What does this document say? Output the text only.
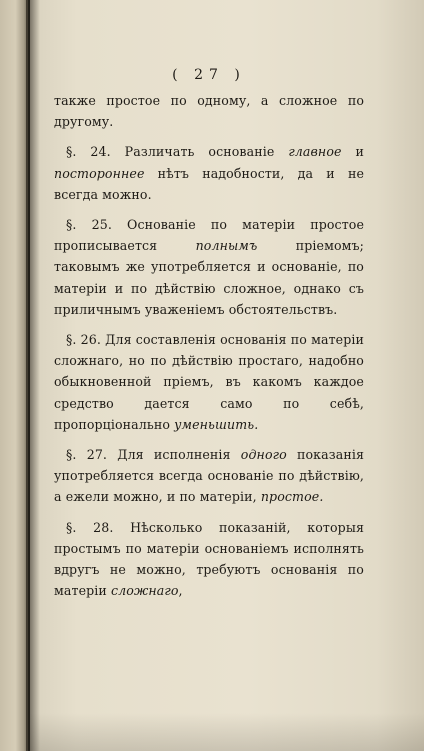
( 27 )

также простое по одному, а сложное по другому.

§. 24. Различать основаніе главное и постороннее нѣтъ надобности, да и не всегда можно.

§. 25. Основаніе по матеріи простое прописывается полнымъ пріемомъ; таковымъ же употребляется и основаніе, по матеріи и по дѣйствію сложное, однако съ приличнымъ уваженіемъ обстоятельствъ.

§. 26. Для составленія основанія по матеріи сложнаго, но по дѣйствію простаго, надобно обыкновенной пріемъ, въ какомъ каждое средство дается само по себѣ, пропорціонально уменьшить.

§. 27. Для исполненія одного показанія употребляется всегда основаніе по дѣйствію, а ежели можно, и по матеріи, простое.

§. 28. Нѣсколько показаній, которыя простымъ по матеріи основаніемъ исполнять вдругъ не можно, требуютъ основанія по матеріи сложнаго,
